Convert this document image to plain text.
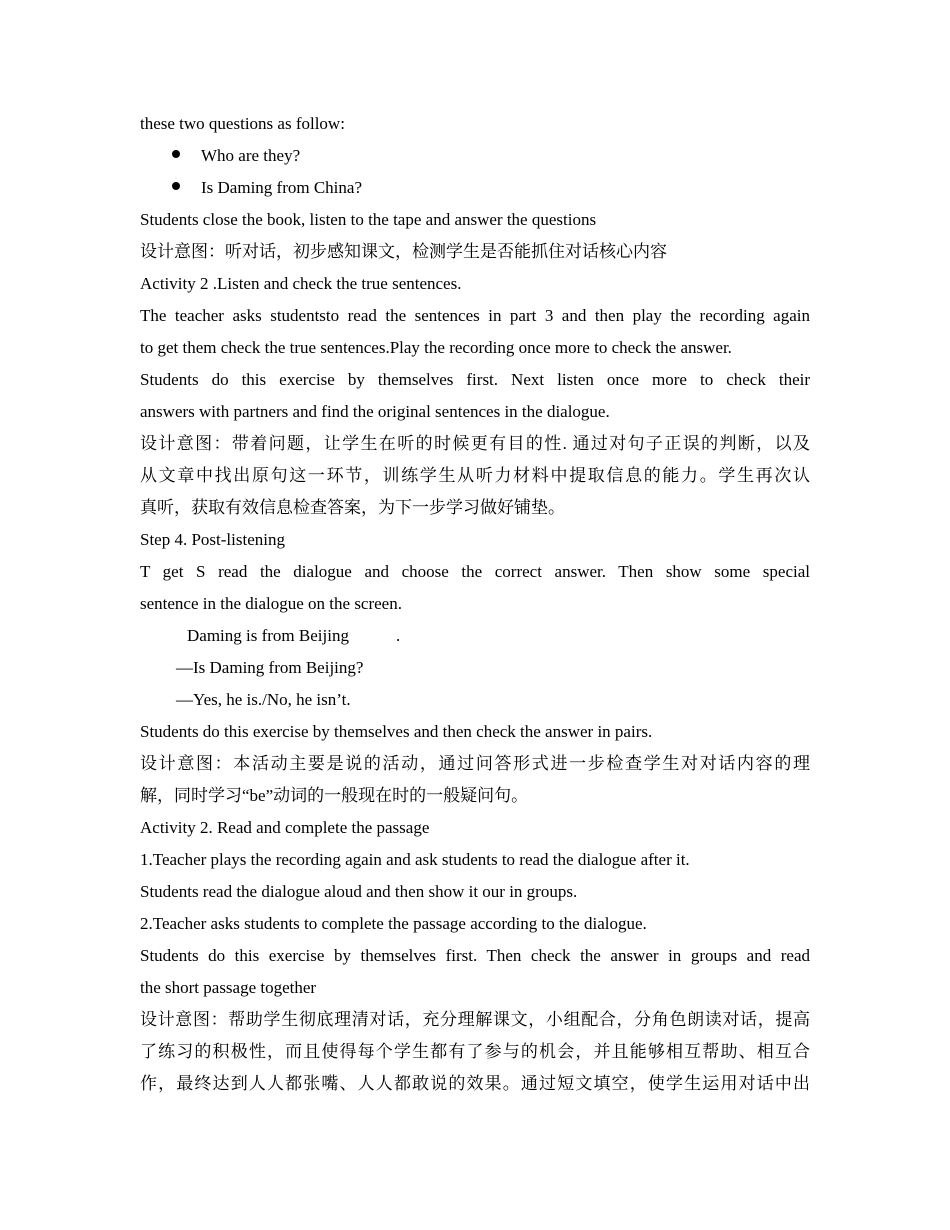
these two questions as follow:
Who are they?
Is Daming from China?
Students close the book, listen to the tape and answer the questions
设计意图：听对话，初步感知课文，检测学生是否能抓住对话核心内容
Activity 2 .Listen and check the true sentences.
The teacher asks studentsto read the sentences in part 3 and then play the recording again
to get them check the true sentences.Play the recording once more to check the answer.
Students do this exercise by themselves first. Next listen once more to check their
answers with partners and find the original sentences in the dialogue.
设计意图：带着问题，让学生在听的时候更有目的性. 通过对句子正误的判断，以及
从文章中找出原句这一环节，训练学生从听力材料中提取信息的能力。学生再次认
真听，获取有效信息检查答案，为下一步学习做好铺垫。
Step 4. Post-listening
T get S read the dialogue and choose the correct answer. Then show some special
sentence in the dialogue on the screen.
Daming is from Beijing	.
—Is Daming from Beijing?
—Yes, he is./No, he isn’t.
Students do this exercise by themselves and then check the answer in pairs.
设计意图：本活动主要是说的活动，通过问答形式进一步检查学生对对话内容的理
解，同时学习“be”动词的一般现在时的一般疑问句。
Activity 2. Read and complete the passage
1.Teacher plays the recording again and ask students to read the dialogue after it.
Students read the dialogue aloud and then show it our in groups.
2.Teacher asks students to complete the passage according to the dialogue.
Students do this exercise by themselves first. Then check the answer in groups and read
the short passage together
设计意图：帮助学生彻底理清对话，充分理解课文，小组配合，分角色朗读对话，提高
了练习的积极性，而且使得每个学生都有了参与的机会，并且能够相互帮助、相互合
作，最终达到人人都张嘴、人人都敢说的效果。通过短文填空，使学生运用对话中出
